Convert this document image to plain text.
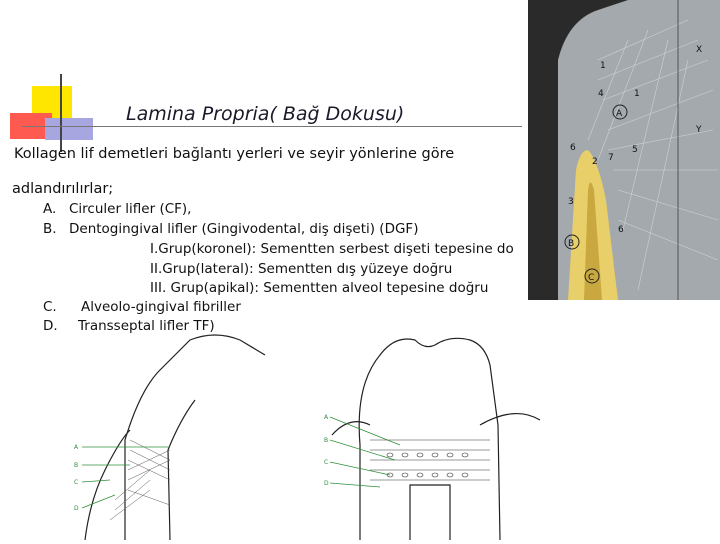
Lamina Propria( Bağ Dokusu)
Kollagen lif demetleri bağlantı yerleri ve seyir yönlerine göre
adlandırılırlar;
A. Circuler lifler (CF),
B. Dentogingival lifler (Gingivodental, diş dişeti) (DGF)
I.Grup(koronel): Sementten serbest dişeti tepesine do
II.Grup(lateral): Sementten dış yüzeye doğru
III. Grup(apikal): Sementten alveol tepesine doğru
C. Alveolo-gingival fibriller
D. Transseptal lifler TF)
X
Y
A
B
C
1
2
3
4
5
6
6
7
1
A
B
C
D
A
B
C
D
